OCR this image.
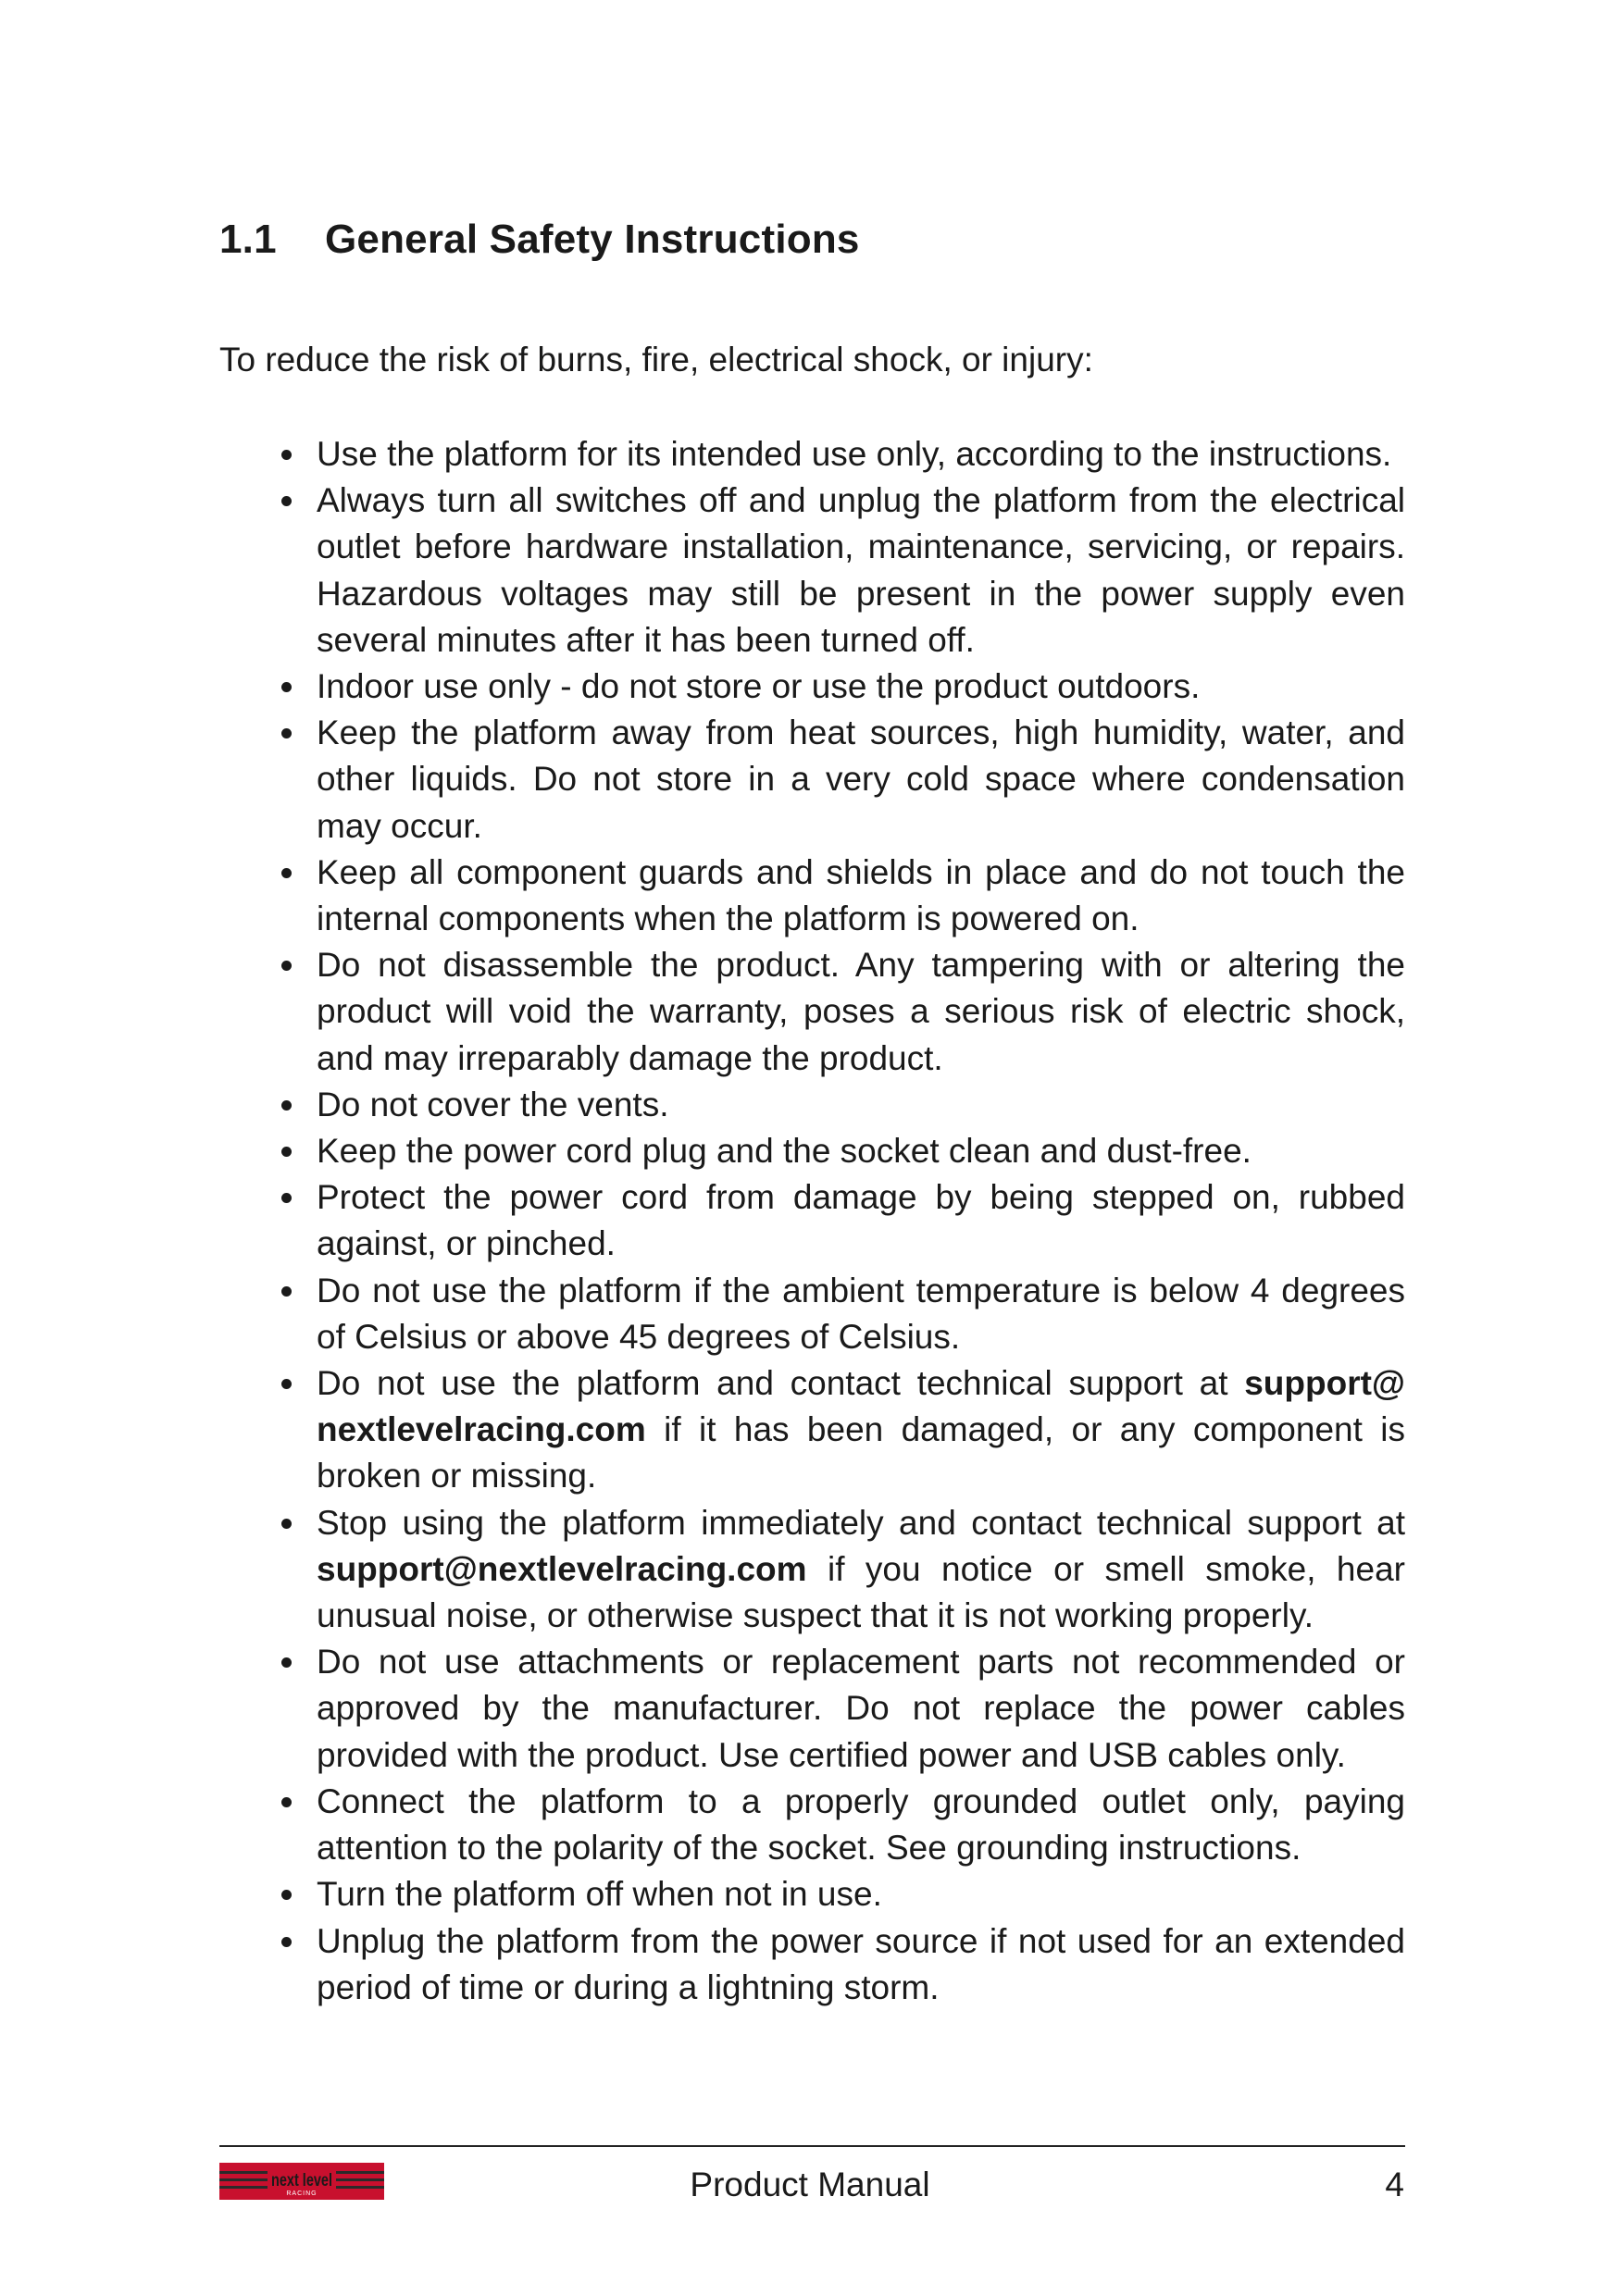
1.1 General Safety Instructions
To reduce the risk of burns, fire, electrical shock, or injury:
Use the platform for its intended use only, according to the instructions.
Always turn all switches off and unplug the platform from the electrical outlet before hardware installation, maintenance, servicing, or repairs. Hazardous voltages may still be present in the power supply even several minutes after it has been turned off.
Indoor use only - do not store or use the product outdoors.
Keep the platform away from heat sources, high humidity, water, and other liquids. Do not store in a very cold space where condensation may occur.
Keep all component guards and shields in place and do not touch the internal components when the platform is powered on.
Do not disassemble the product. Any tampering with or altering the product will void the warranty, poses a serious risk of electric shock, and may irreparably damage the product.
Do not cover the vents.
Keep the power cord plug and the socket clean and dust-free.
Protect the power cord from damage by being stepped on, rubbed against, or pinched.
Do not use the platform if the ambient temperature is below 4 degrees of Celsius or above 45 degrees of Celsius.
Do not use the platform and contact technical support at support@ nextlevelracing.com if it has been damaged, or any component is broken or missing.
Stop using the platform immediately and contact technical support at support@nextlevelracing.com if you notice or smell smoke, hear unusual noise, or otherwise suspect that it is not working properly.
Do not use attachments or replacement parts not recommended or approved by the manufacturer. Do not replace the power cables provided with the product. Use certified power and USB cables only.
Connect the platform to a properly grounded outlet only, paying attention to the polarity of the socket. See grounding instructions.
Turn the platform off when not in use.
Unplug the platform from the power source if not used for an extended period of time or during a lightning storm.
next level
RACING	Product Manual	4
